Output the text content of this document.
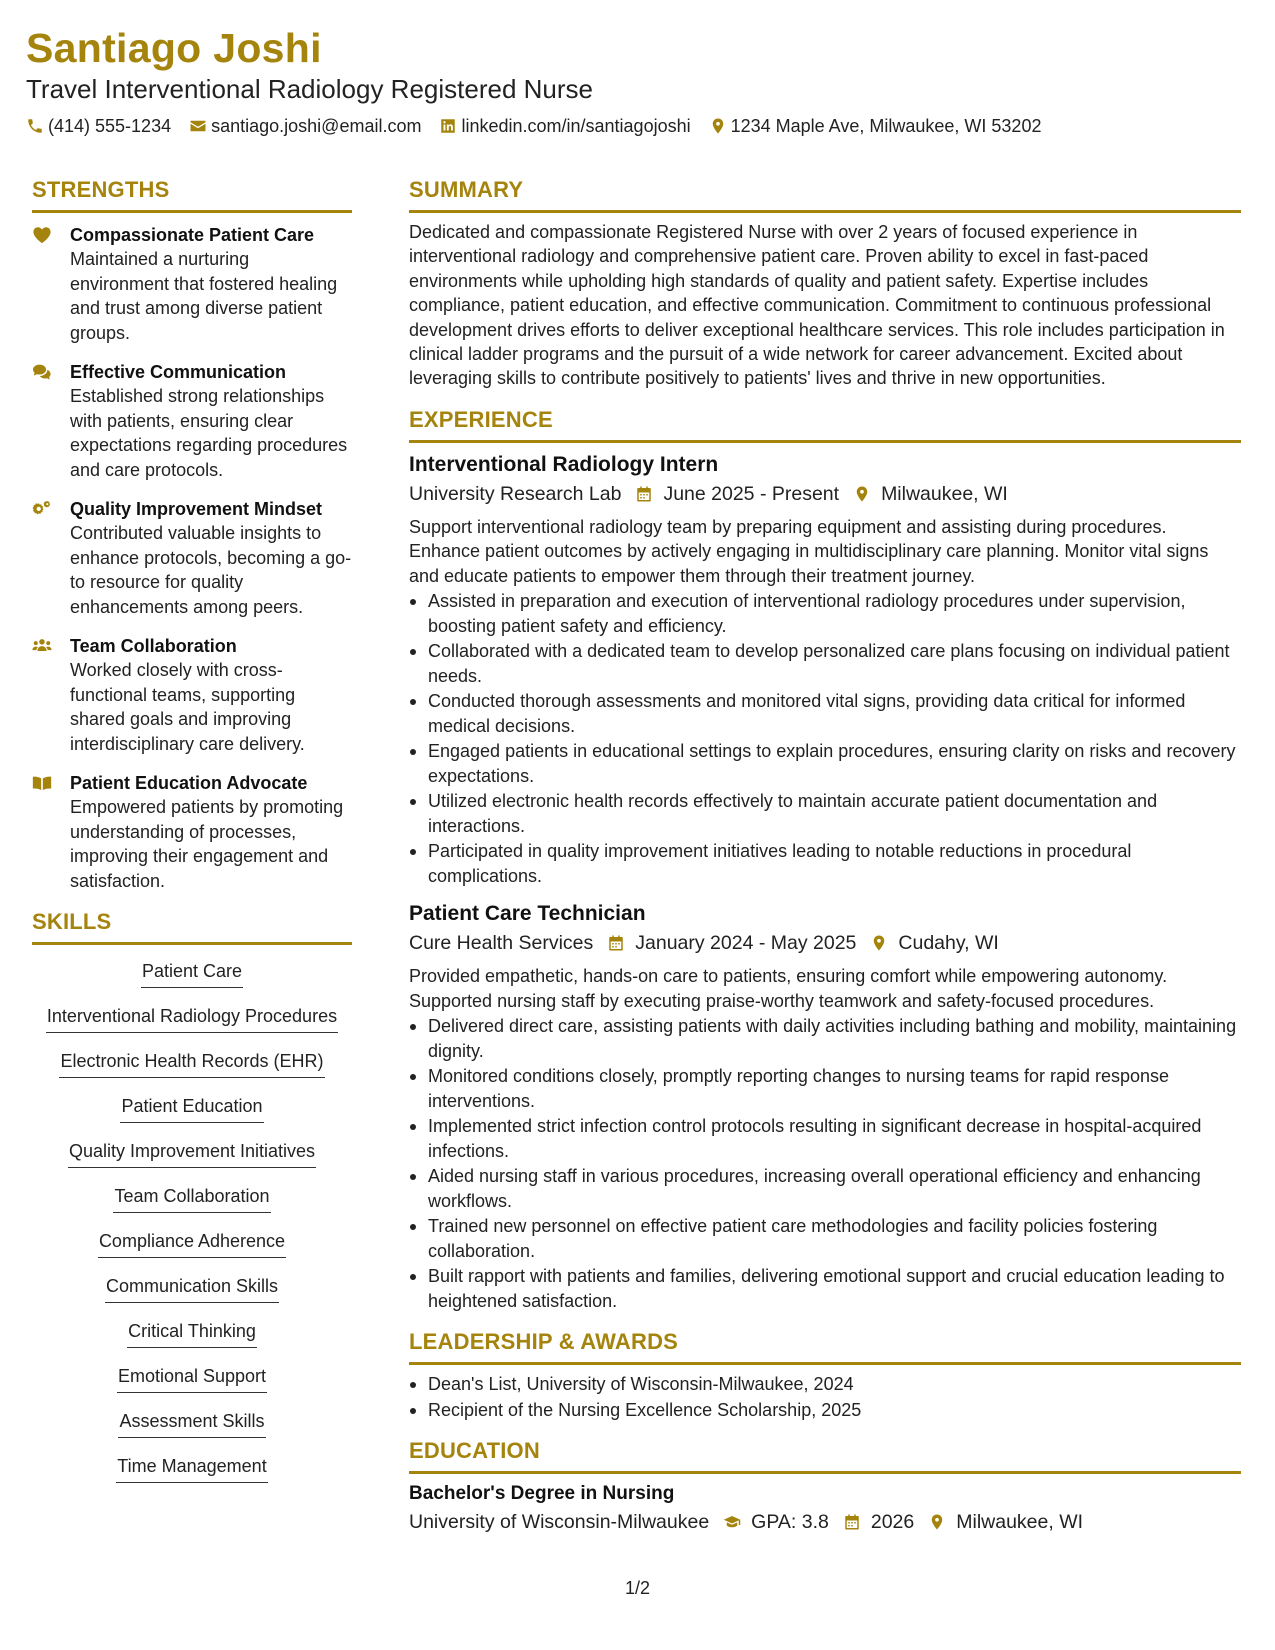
Santiago Joshi
Travel Interventional Radiology Registered Nurse
(414) 555-1234 santiago.joshi@email.com linkedin.com/in/santiagojoshi 1234 Maple Ave, Milwaukee, WI 53202
STRENGTHS
Compassionate Patient Care
Maintained a nurturing environment that fostered healing and trust among diverse patient groups.
Effective Communication
Established strong relationships with patients, ensuring clear expectations regarding procedures and care protocols.
Quality Improvement Mindset
Contributed valuable insights to enhance protocols, becoming a go-to resource for quality enhancements among peers.
Team Collaboration
Worked closely with cross-functional teams, supporting shared goals and improving interdisciplinary care delivery.
Patient Education Advocate
Empowered patients by promoting understanding of processes, improving their engagement and satisfaction.
SKILLS
Patient Care
Interventional Radiology Procedures
Electronic Health Records (EHR)
Patient Education
Quality Improvement Initiatives
Team Collaboration
Compliance Adherence
Communication Skills
Critical Thinking
Emotional Support
Assessment Skills
Time Management
SUMMARY
Dedicated and compassionate Registered Nurse with over 2 years of focused experience in interventional radiology and comprehensive patient care. Proven ability to excel in fast-paced environments while upholding high standards of quality and patient safety. Expertise includes compliance, patient education, and effective communication. Commitment to continuous professional development drives efforts to deliver exceptional healthcare services. This role includes participation in clinical ladder programs and the pursuit of a wide network for career advancement. Excited about leveraging skills to contribute positively to patients' lives and thrive in new opportunities.
EXPERIENCE
Interventional Radiology Intern
University Research Lab June 2025 - Present Milwaukee, WI
Support interventional radiology team by preparing equipment and assisting during procedures. Enhance patient outcomes by actively engaging in multidisciplinary care planning. Monitor vital signs and educate patients to empower them through their treatment journey.
Assisted in preparation and execution of interventional radiology procedures under supervision, boosting patient safety and efficiency.
Collaborated with a dedicated team to develop personalized care plans focusing on individual patient needs.
Conducted thorough assessments and monitored vital signs, providing data critical for informed medical decisions.
Engaged patients in educational settings to explain procedures, ensuring clarity on risks and recovery expectations.
Utilized electronic health records effectively to maintain accurate patient documentation and interactions.
Participated in quality improvement initiatives leading to notable reductions in procedural complications.
Patient Care Technician
Cure Health Services January 2024 - May 2025 Cudahy, WI
Provided empathetic, hands-on care to patients, ensuring comfort while empowering autonomy. Supported nursing staff by executing praise-worthy teamwork and safety-focused procedures.
Delivered direct care, assisting patients with daily activities including bathing and mobility, maintaining dignity.
Monitored conditions closely, promptly reporting changes to nursing teams for rapid response interventions.
Implemented strict infection control protocols resulting in significant decrease in hospital-acquired infections.
Aided nursing staff in various procedures, increasing overall operational efficiency and enhancing workflows.
Trained new personnel on effective patient care methodologies and facility policies fostering collaboration.
Built rapport with patients and families, delivering emotional support and crucial education leading to heightened satisfaction.
LEADERSHIP & AWARDS
Dean's List, University of Wisconsin-Milwaukee, 2024
Recipient of the Nursing Excellence Scholarship, 2025
EDUCATION
Bachelor's Degree in Nursing
University of Wisconsin-Milwaukee GPA: 3.8 2026 Milwaukee, WI
1/2
